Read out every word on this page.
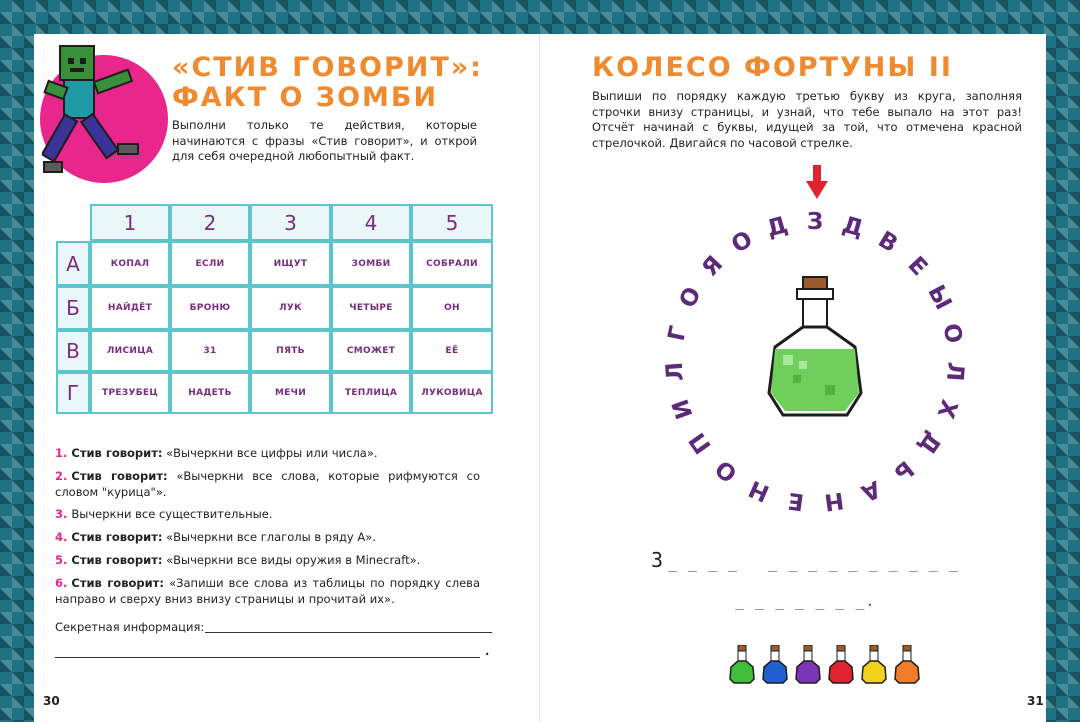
«СТИВ ГОВОРИТ»:
ФАКТ О ЗОМБИ
Выполни только те действия, которые начинаются с фразы «Стив говорит», и открой для себя очередной любопытный факт.
1	2	3	4	5
А	КОПАЛ	ЕСЛИ	ИЩУТ	ЗОМБИ	СОБРАЛИ
Б	НАЙДЁТ	БРОНЮ	ЛУК	ЧЕТЫРЕ	ОН
В	ЛИСИЦА	31	ПЯТЬ	СМОЖЕТ	ЕЁ
Г	ТРЕЗУБЕЦ	НАДЕТЬ	МЕЧИ	ТЕПЛИЦА	ЛУКОВИЦА
1. Стив говорит: «Вычеркни все цифры или числа».
2. Стив говорит: «Вычеркни все слова, которые рифмуются со словом "курица"».
3. Вычеркни все существительные.
4. Стив говорит: «Вычеркни все глаголы в ряду А».
5. Стив говорит: «Вычеркни все виды оружия в Minecraft».
6. Стив говорит: «Запиши все слова из таблицы по порядку слева направо и сверху вниз внизу страницы и прочитай их».
Секретная информация:
.
30
КОЛЕСО ФОРТУНЫ II
Выпиши по порядку каждую третью букву из круга, заполняя строчки внизу страницы, и узнай, что тебе выпало на этот раз! Отсчёт начинай с буквы, идущей за той, что отмечена красной стрелочкой. Двигайся по часовой стрелке.
З Д В
Е
Ы
О
Л
Х
Д
Ь
А
Н
Е
Н
О
П
И
Л
Г
О
Я
О Д
З _ _ _ _   _ _ _ _ _ _ _ _ _ _
_ _ _ _ _ _ _.
31
